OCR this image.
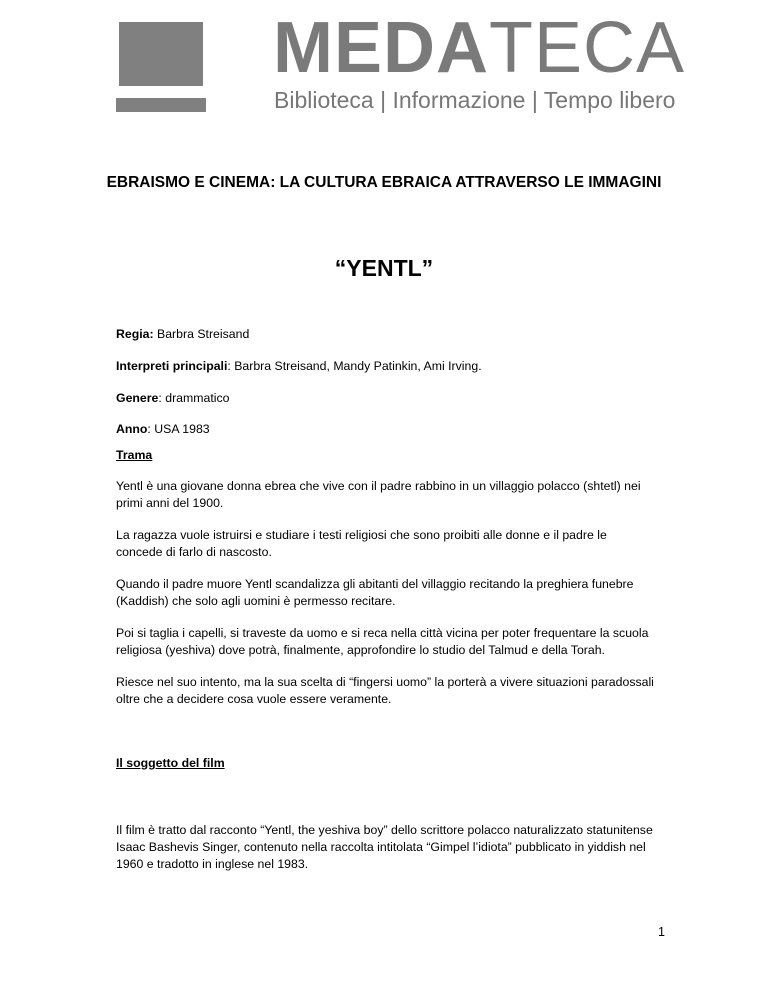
MEDATECA
Biblioteca | Informazione | Tempo libero
EBRAISMO E CINEMA: LA CULTURA EBRAICA ATTRAVERSO LE IMMAGINI
“YENTL”
Regia: Barbra Streisand
Interpreti principali: Barbra Streisand, Mandy Patinkin, Ami Irving.
Genere: drammatico
Anno: USA 1983
Trama
Yentl è una giovane donna ebrea che vive con il padre rabbino in un villaggio polacco (shtetl) nei primi anni del 1900.
La ragazza vuole istruirsi e studiare i testi religiosi che sono proibiti alle donne e il padre le concede di farlo di nascosto.
Quando il padre muore Yentl scandalizza gli abitanti del villaggio recitando la preghiera funebre (Kaddish) che solo agli uomini è permesso recitare.
Poi si taglia i capelli, si traveste da uomo e si reca nella città vicina per poter frequentare la scuola religiosa (yeshiva) dove potrà, finalmente, approfondire lo studio del Talmud e della Torah.
Riesce nel suo intento, ma la sua scelta di “fingersi uomo” la porterà a vivere situazioni paradossali oltre che a decidere cosa vuole essere veramente.
Il soggetto del film
Il film è tratto dal racconto “Yentl, the yeshiva boy” dello scrittore polacco naturalizzato statunitense Isaac Bashevis Singer, contenuto nella raccolta intitolata “Gimpel l’idiota” pubblicato in yiddish nel 1960 e tradotto in inglese nel 1983.
1
